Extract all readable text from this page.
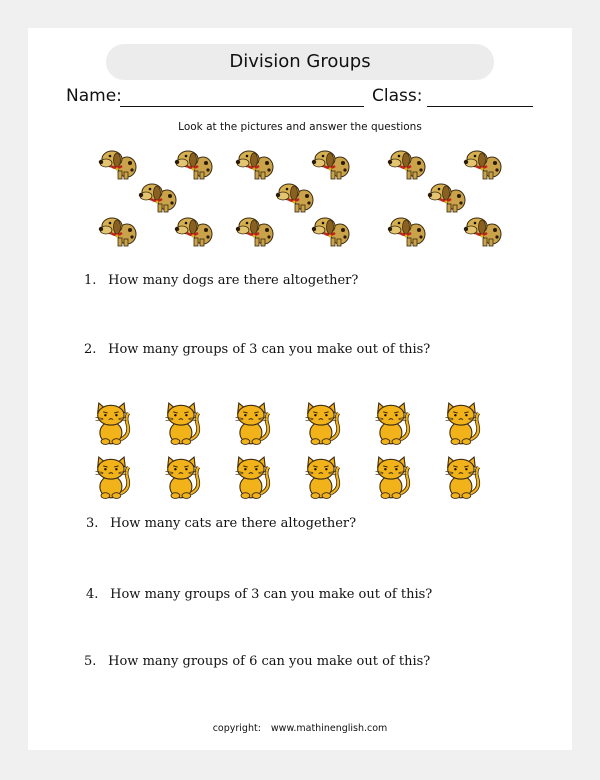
Division Groups
Name:	Class:
Look at the pictures and answer the questions
1. How many dogs are there altogether?
2. How many groups of 3 can you make out of this?
3. How many cats are there altogether?
4. How many groups of 3 can you make out of this?
5. How many groups of 6 can you make out of this?
copyright: www.mathinenglish.com
